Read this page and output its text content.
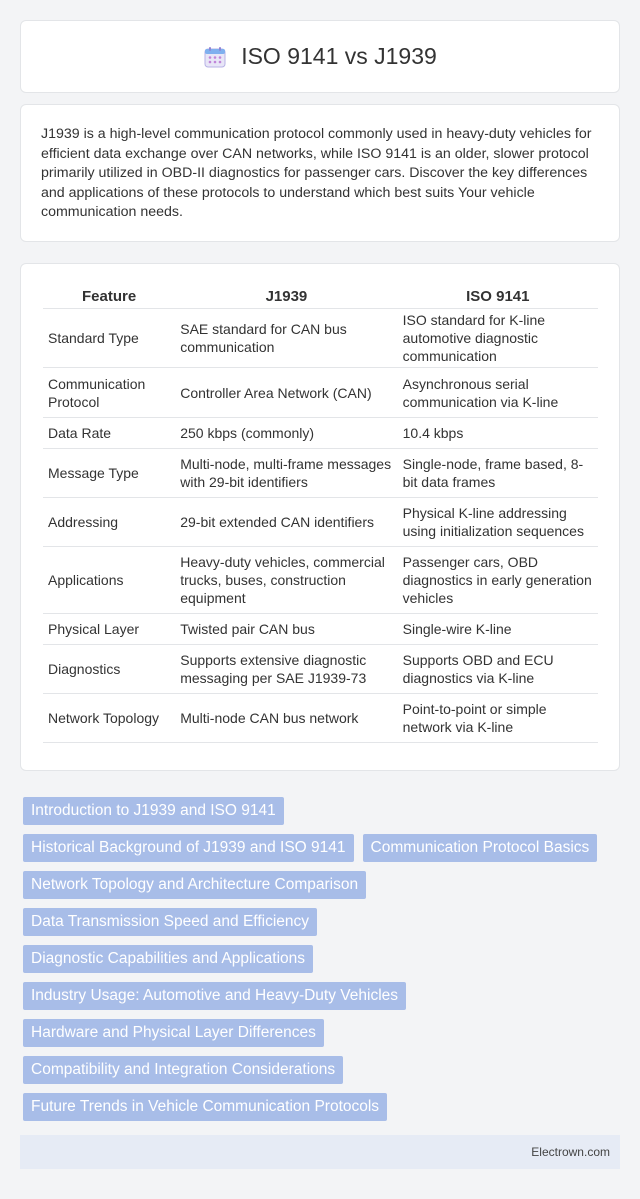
ISO 9141 vs J1939

J1939 is a high-level communication protocol commonly used in heavy-duty vehicles for efficient data exchange over CAN networks, while ISO 9141 is an older, slower protocol primarily utilized in OBD-II diagnostics for passenger cars. Discover the key differences and applications of these protocols to understand which best suits Your vehicle communication needs.

Feature	J1939	ISO 9141
Standard Type	SAE standard for CAN bus communication	ISO standard for K-line automotive diagnostic communication
Communication Protocol	Controller Area Network (CAN)	Asynchronous serial communication via K-line
Data Rate	250 kbps (commonly)	10.4 kbps
Message Type	Multi-node, multi-frame messages with 29-bit identifiers	Single-node, frame based, 8-bit data frames
Addressing	29-bit extended CAN identifiers	Physical K-line addressing using initialization sequences
Applications	Heavy-duty vehicles, commercial trucks, buses, construction equipment	Passenger cars, OBD diagnostics in early generation vehicles
Physical Layer	Twisted pair CAN bus	Single-wire K-line
Diagnostics	Supports extensive diagnostic messaging per SAE J1939-73	Supports OBD and ECU diagnostics via K-line
Network Topology	Multi-node CAN bus network	Point-to-point or simple network via K-line
Introduction to J1939 and ISO 9141
Historical Background of J1939 and ISO 9141	Communication Protocol Basics
Network Topology and Architecture Comparison
Data Transmission Speed and Efficiency
Diagnostic Capabilities and Applications
Industry Usage: Automotive and Heavy-Duty Vehicles
Hardware and Physical Layer Differences
Compatibility and Integration Considerations
Future Trends in Vehicle Communication Protocols
Electrown.com
